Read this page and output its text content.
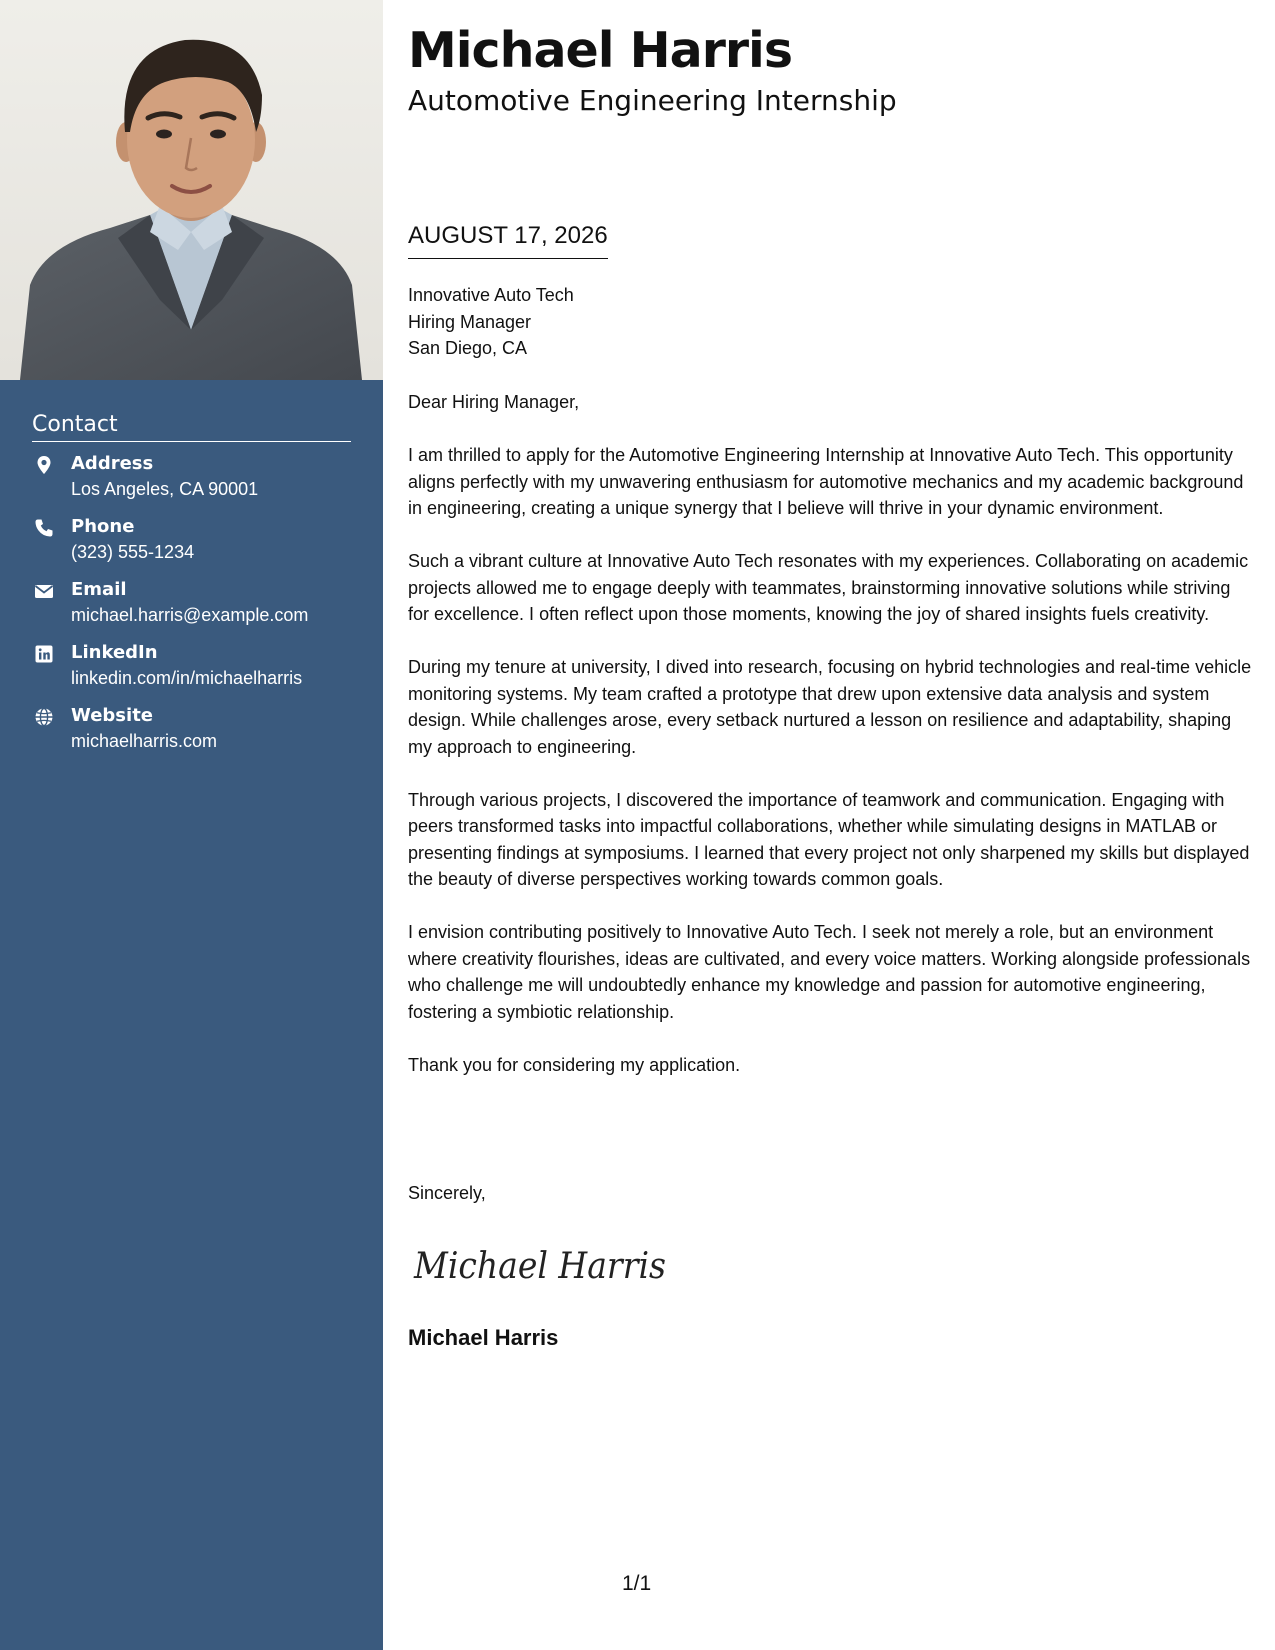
Contact
Address
Los Angeles, CA 90001
Phone
(323) 555-1234
Email
michael.harris@example.com
LinkedIn
linkedin.com/in/michaelharris
Website
michaelharris.com
Michael Harris
Automotive Engineering Internship
AUGUST 17, 2026
Innovative Auto Tech
Hiring Manager
San Diego, CA

Dear Hiring Manager,

I am thrilled to apply for the Automotive Engineering Internship at Innovative Auto Tech. This opportunity aligns perfectly with my unwavering enthusiasm for automotive mechanics and my academic background in engineering, creating a unique synergy that I believe will thrive in your dynamic environment.

Such a vibrant culture at Innovative Auto Tech resonates with my experiences. Collaborating on academic projects allowed me to engage deeply with teammates, brainstorming innovative solutions while striving for excellence. I often reflect upon those moments, knowing the joy of shared insights fuels creativity.

During my tenure at university, I dived into research, focusing on hybrid technologies and real-time vehicle monitoring systems. My team crafted a prototype that drew upon extensive data analysis and system design. While challenges arose, every setback nurtured a lesson on resilience and adaptability, shaping my approach to engineering.

Through various projects, I discovered the importance of teamwork and communication. Engaging with peers transformed tasks into impactful collaborations, whether while simulating designs in MATLAB or presenting findings at symposiums. I learned that every project not only sharpened my skills but displayed the beauty of diverse perspectives working towards common goals.

I envision contributing positively to Innovative Auto Tech. I seek not merely a role, but an environment where creativity flourishes, ideas are cultivated, and every voice matters. Working alongside professionals who challenge me will undoubtedly enhance my knowledge and passion for automotive engineering, fostering a symbiotic relationship.

Thank you for considering my application.

Sincerely,
Michael Harris
Michael Harris
1/1
